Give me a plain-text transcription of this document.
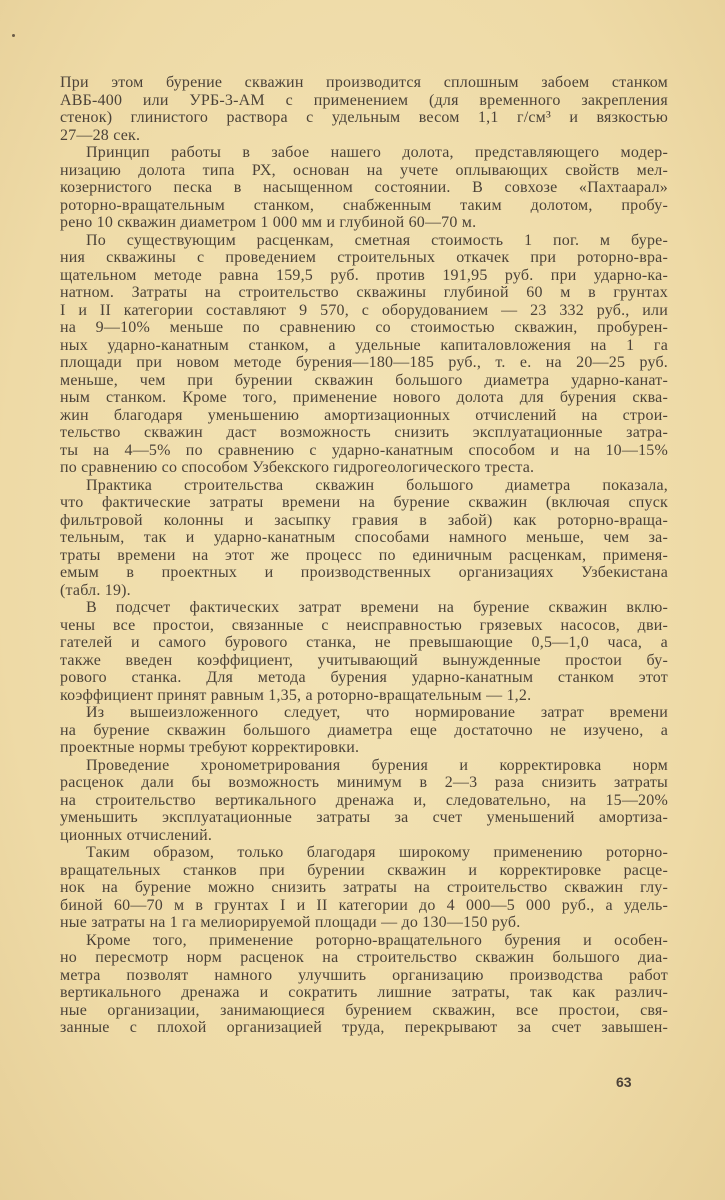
При этом бурение скважин производится сплошным забоем станком
АВБ-400 или УРБ-3-АМ с применением (для временного закрепления
стенок) глинистого раствора с удельным весом 1,1 г/см³ и вязкостью
27—28 сек.
Принцип работы в забое нашего долота, представляющего модер-
низацию долота типа РХ, основан на учете оплывающих свойств мел-
козернистого песка в насыщенном состоянии. В совхозе «Пахтаарал»
роторно-вращательным станком, снабженным таким долотом, пробу-
рено 10 скважин диаметром 1 000 мм и глубиной 60—70 м.
По существующим расценкам, сметная стоимость 1 пог. м буре-
ния скважины с проведением строительных откачек при роторно-вра-
щательном методе равна 159,5 руб. против 191,95 руб. при ударно-ка-
натном. Затраты на строительство скважины глубиной 60 м в грунтах
I и II категории составляют 9 570, с оборудованием — 23 332 руб., или
на 9—10% меньше по сравнению со стоимостью скважин, пробурен-
ных ударно-канатным станком, а удельные капиталовложения на 1 га
площади при новом методе бурения—180—185 руб., т. е. на 20—25 руб.
меньше, чем при бурении скважин большого диаметра ударно-канат-
ным станком. Кроме того, применение нового долота для бурения сква-
жин благодаря уменьшению амортизационных отчислений на строи-
тельство скважин даст возможность снизить эксплуатационные затра-
ты на 4—5% по сравнению с ударно-канатным способом и на 10—15%
по сравнению со способом Узбекского гидрогеологического треста.
Практика строительства скважин большого диаметра показала,
что фактические затраты времени на бурение скважин (включая спуск
фильтровой колонны и засыпку гравия в забой) как роторно-враща-
тельным, так и ударно-канатным способами намного меньше, чем за-
траты времени на этот же процесс по единичным расценкам, применя-
емым в проектных и производственных организациях Узбекистана
(табл. 19).
В подсчет фактических затрат времени на бурение скважин вклю-
чены все простои, связанные с неисправностью грязевых насосов, дви-
гателей и самого бурового станка, не превышающие 0,5—1,0 часа, а
также введен коэффициент, учитывающий вынужденные простои бу-
рового станка. Для метода бурения ударно-канатным станком этот
коэффициент принят равным 1,35, а роторно-вращательным — 1,2.
Из вышеизложенного следует, что нормирование затрат времени
на бурение скважин большого диаметра еще достаточно не изучено, а
проектные нормы требуют корректировки.
Проведение хронометрирования бурения и корректировка норм
расценок дали бы возможность минимум в 2—3 раза снизить затраты
на строительство вертикального дренажа и, следовательно, на 15—20%
уменьшить эксплуатационные затраты за счет уменьшений амортиза-
ционных отчислений.
Таким образом, только благодаря широкому применению роторно-
вращательных станков при бурении скважин и корректировке расце-
нок на бурение можно снизить затраты на строительство скважин глу-
биной 60—70 м в грунтах I и II категории до 4 000—5 000 руб., а удель-
ные затраты на 1 га мелиорируемой площади — до 130—150 руб.
Кроме того, применение роторно-вращательного бурения и особен-
но пересмотр норм расценок на строительство скважин большого диа-
метра позволят намного улучшить организацию производства работ
вертикального дренажа и сократить лишние затраты, так как различ-
ные организации, занимающиеся бурением скважин, все простои, свя-
занные с плохой организацией труда, перекрывают за счет завышен-
63
